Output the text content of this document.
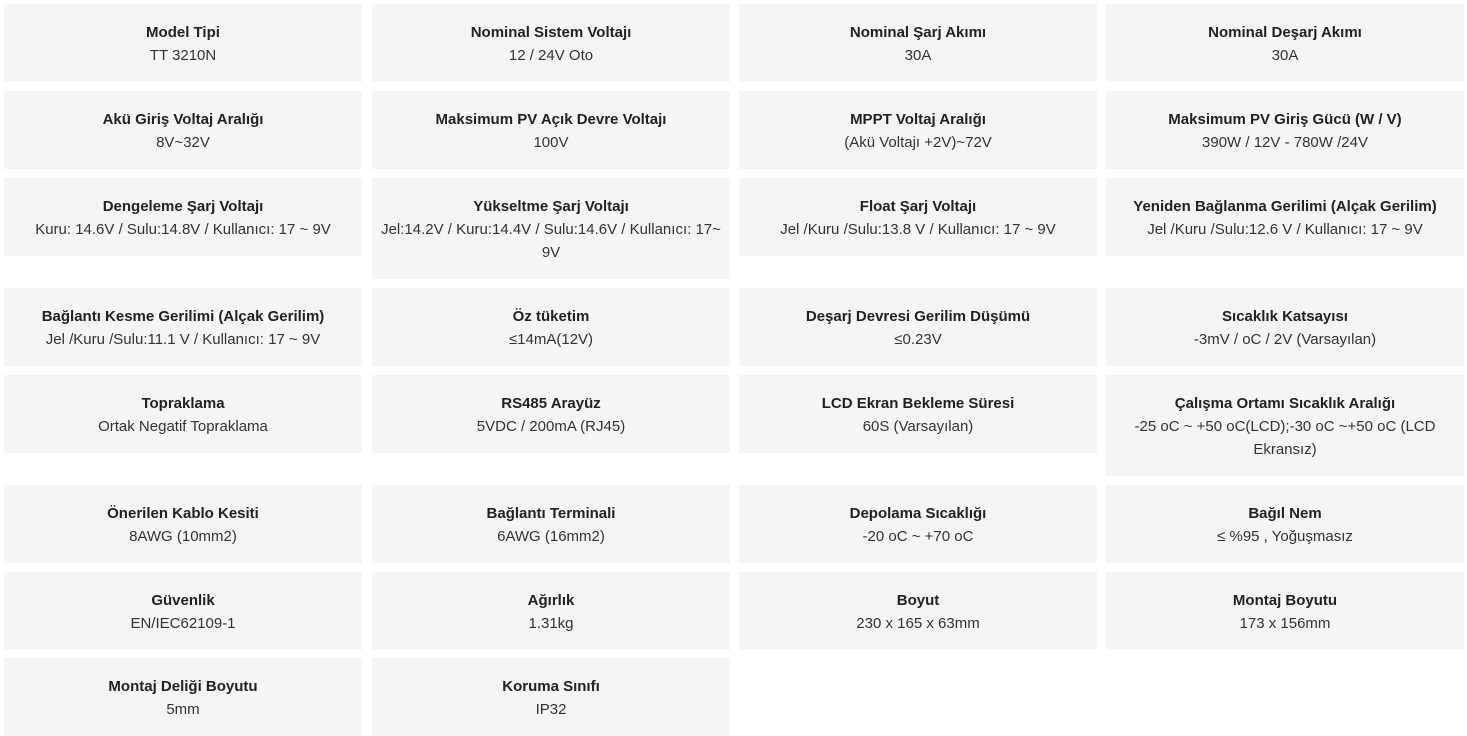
Model Tipi
TT 3210N
Nominal Sistem Voltajı
12 / 24V Oto
Nominal Şarj Akımı
30A
Nominal Deşarj Akımı
30A
Akü Giriş Voltaj Aralığı
8V~32V
Maksimum PV Açık Devre Voltajı
100V
MPPT Voltaj Aralığı
(Akü Voltajı +2V)~72V
Maksimum PV Giriş Gücü (W / V)
390W / 12V - 780W /24V
Dengeleme Şarj Voltajı
Kuru: 14.6V / Sulu:14.8V / Kullanıcı: 17 ~ 9V
Yükseltme Şarj Voltajı
Jel:14.2V / Kuru:14.4V / Sulu:14.6V / Kullanıcı: 17~ 9V
Float Şarj Voltajı
Jel /Kuru /Sulu:13.8 V / Kullanıcı: 17 ~ 9V
Yeniden Bağlanma Gerilimi (Alçak Gerilim)
Jel /Kuru /Sulu:12.6 V / Kullanıcı: 17 ~ 9V
Bağlantı Kesme Gerilimi (Alçak Gerilim)
Jel /Kuru /Sulu:11.1 V / Kullanıcı: 17 ~ 9V
Öz tüketim
≤14mA(12V)
Deşarj Devresi Gerilim Düşümü
≤0.23V
Sıcaklık Katsayısı
-3mV / oC / 2V (Varsayılan)
Topraklama
Ortak Negatif Topraklama
RS485 Arayüz
5VDC / 200mA (RJ45)
LCD Ekran Bekleme Süresi
60S (Varsayılan)
Çalışma Ortamı Sıcaklık Aralığı
-25 oC ~ +50 oC(LCD);-30 oC ~+50 oC (LCD Ekransız)
Önerilen Kablo Kesiti
8AWG (10mm2)
Bağlantı Terminali
6AWG (16mm2)
Depolama Sıcaklığı
-20 oC ~ +70 oC
Bağıl Nem
≤ %95 , Yoğuşmasız
Güvenlik
EN/IEC62109-1
Ağırlık
1.31kg
Boyut
230 x 165 x 63mm
Montaj Boyutu
173 x 156mm
Montaj Deliği Boyutu
5mm
Koruma Sınıfı
IP32
